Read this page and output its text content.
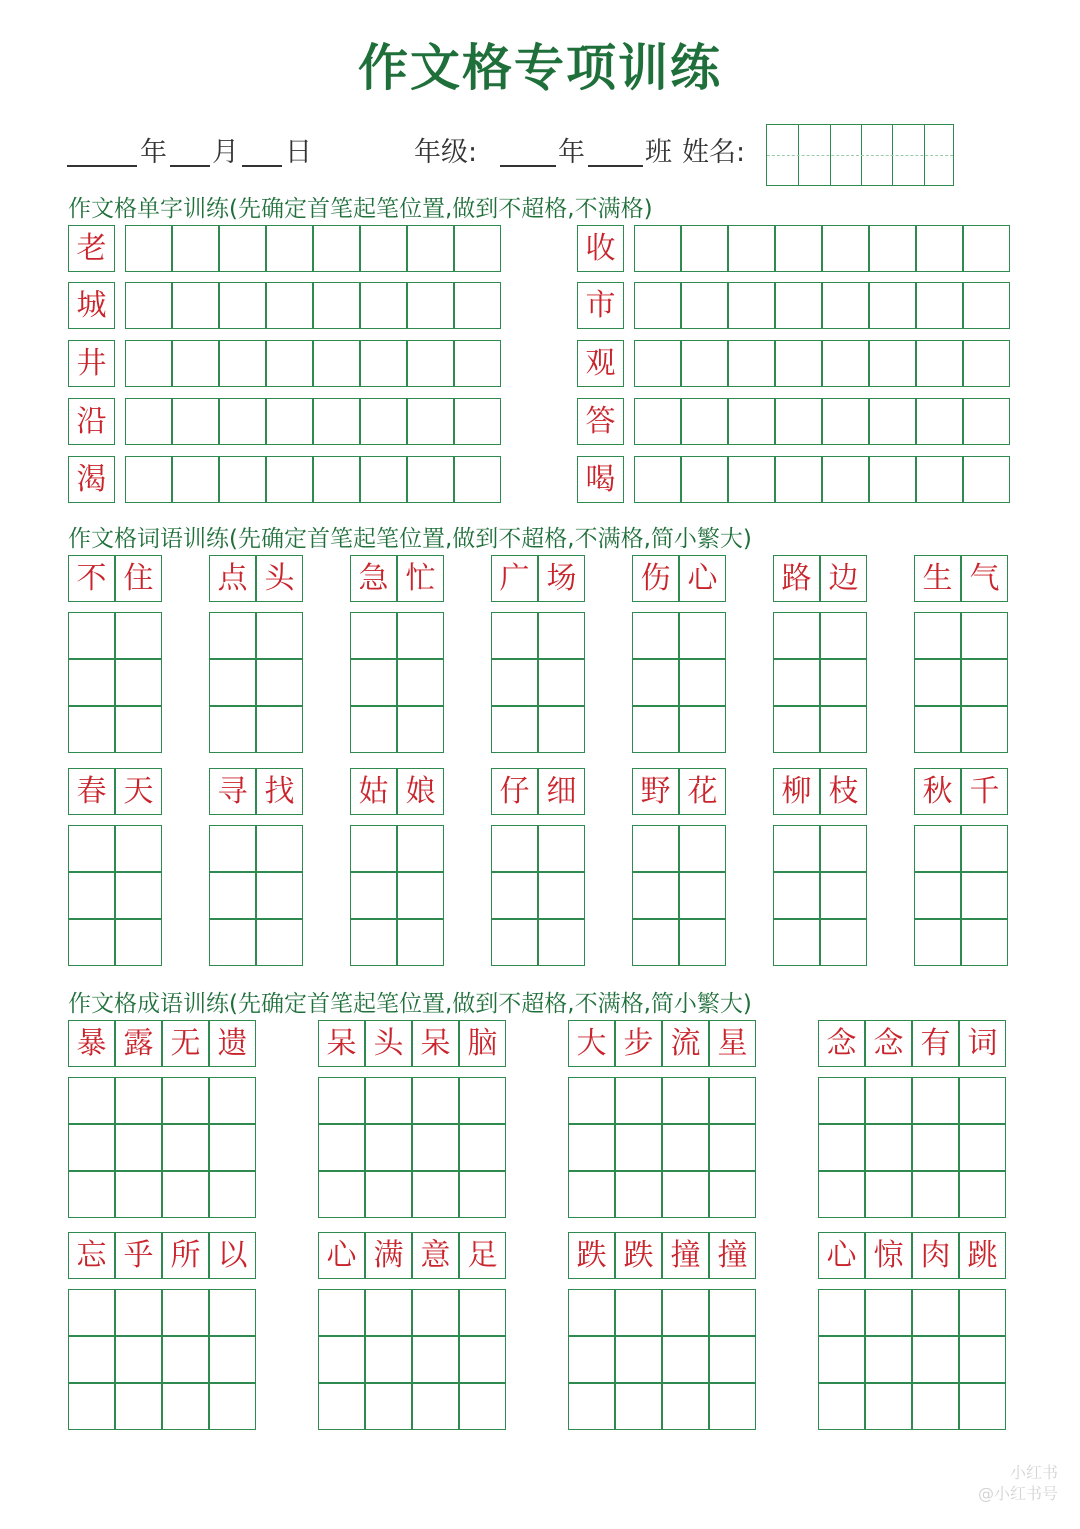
作文格专项训练
年 月 日	年级:	年 班 姓名:
作文格单字训练(先确定首笔起笔位置,做到不超格,不满格)
作文格词语训练(先确定首笔起笔位置,做到不超格,不满格,简小繁大)
作文格成语训练(先确定首笔起笔位置,做到不超格,不满格,简小繁大)
老
城
井
沿
渴
收
市
观
答
喝
不 住 点 头 急 忙 广 场 伤 心 路 边 生 气
春 天 寻 找 姑 娘 仔 细 野 花 柳 枝 秋 千
暴 露 无 遗	呆 头 呆 脑	大 步 流 星	念 念 有 词
忘 乎 所 以	心 满 意 足	跌 跌 撞 撞	心 惊 肉 跳
小红书
@小红书号
